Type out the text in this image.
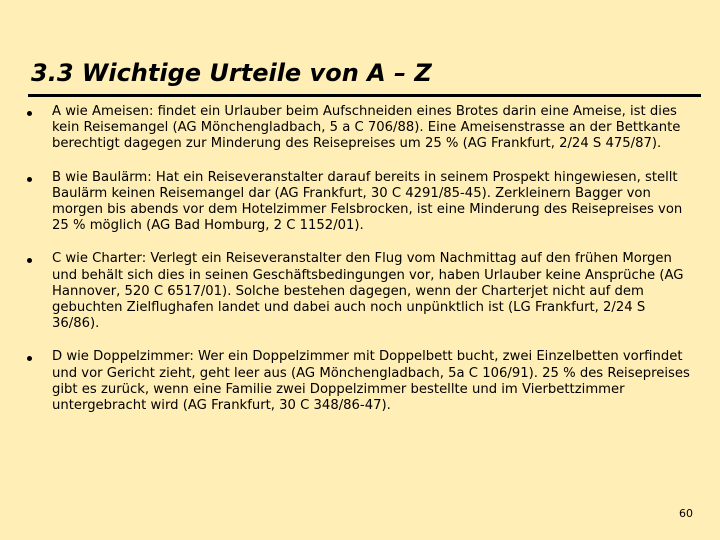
3.3 Wichtige Urteile von A – Z
A wie Ameisen: findet ein Urlauber beim Aufschneiden eines Brotes darin eine Ameise, ist dies kein Reisemangel (AG Mönchengladbach, 5 a C 706/88). Eine Ameisenstrasse an der Bettkante berechtigt dagegen zur Minderung des Reisepreises um 25 % (AG Frankfurt, 2/24 S 475/87).
B wie Baulärm: Hat ein Reiseveranstalter darauf bereits in seinem Prospekt hingewiesen, stellt Baulärm keinen Reisemangel dar (AG Frankfurt, 30 C 4291/85-45). Zerkleinern Bagger von morgen bis abends vor dem Hotelzimmer Felsbrocken, ist eine Minderung des Reisepreises von 25 % möglich (AG Bad Homburg, 2 C 1152/01).
C wie Charter: Verlegt ein Reiseveranstalter den Flug vom Nachmittag auf den frühen Morgen und behält sich dies in seinen Geschäftsbedingungen vor, haben Urlauber keine Ansprüche (AG Hannover, 520 C 6517/01). Solche bestehen dagegen, wenn der Charterjet nicht auf dem gebuchten Zielflughafen landet und dabei auch noch unpünktlich ist (LG Frankfurt, 2/24 S 36/86).
D wie Doppelzimmer: Wer ein Doppelzimmer mit Doppelbett bucht, zwei Einzelbetten vorfindet und vor Gericht zieht, geht leer aus (AG Mönchengladbach, 5a C 106/91). 25 % des Reisepreises gibt es zurück, wenn eine Familie zwei Doppelzimmer bestellte und im Vierbettzimmer untergebracht wird (AG Frankfurt, 30 C 348/86-47).
60
